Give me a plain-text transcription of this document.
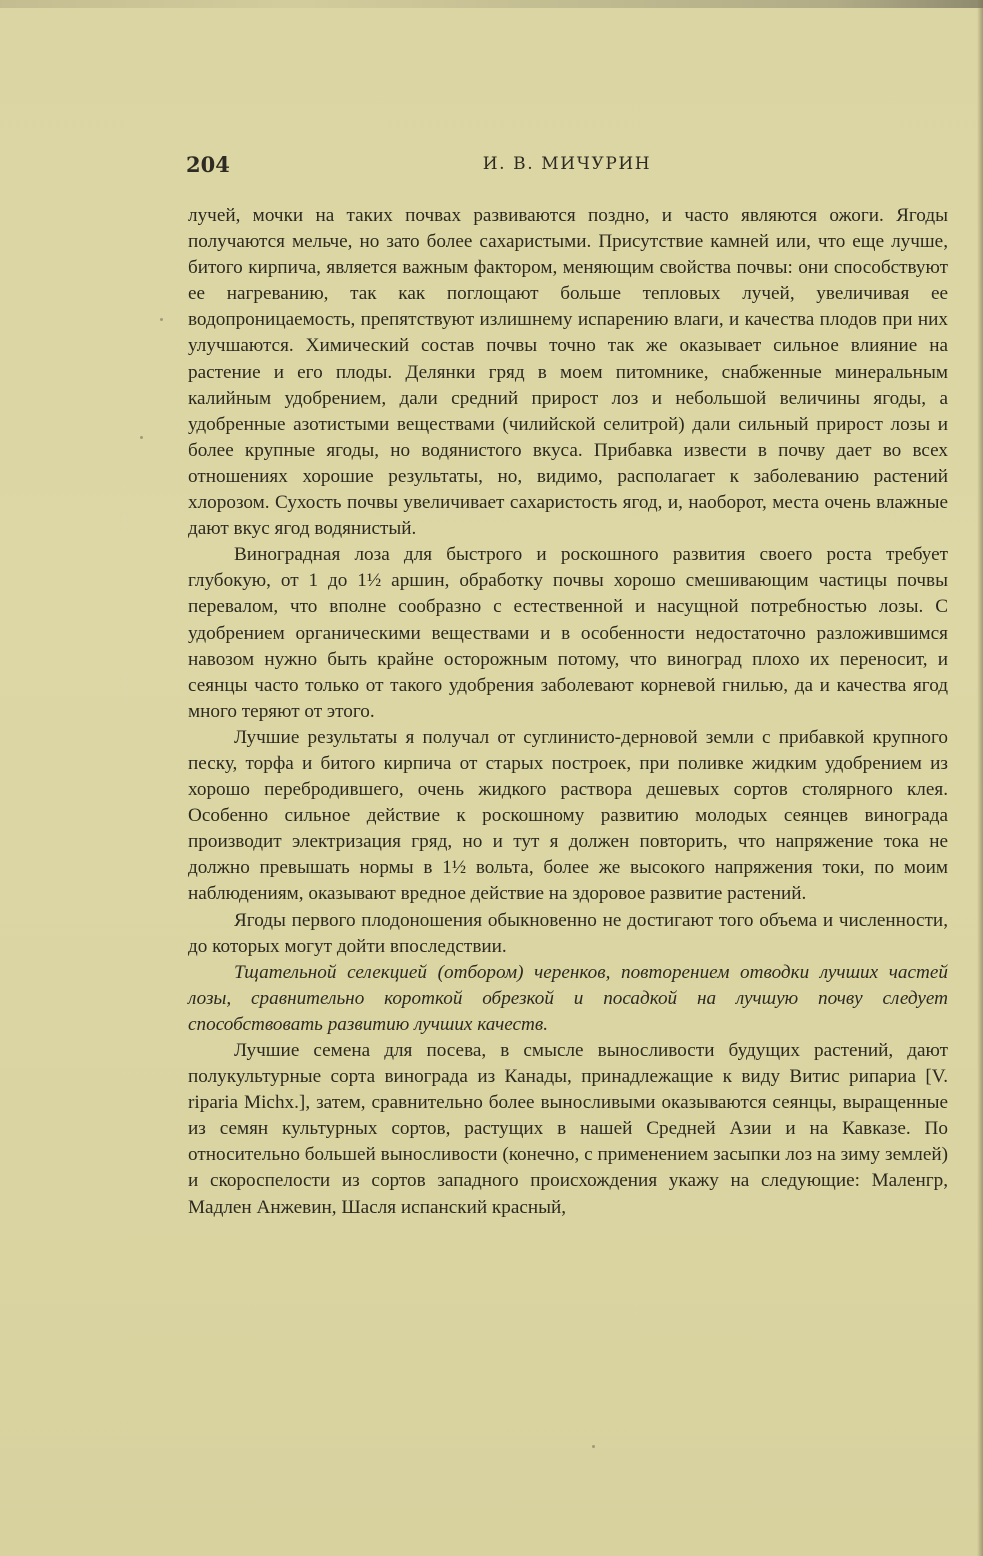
204	И. В. МИЧУРИН

лучей, мочки на таких почвах развиваются поздно, и часто являются ожоги. Ягоды получаются мельче, но зато более сахаристыми. Присутствие камней или, что еще лучше, битого кирпича, является важным фактором, меняющим свойства почвы: они способствуют ее нагреванию, так как поглощают больше тепловых лучей, увеличивая ее водопроницаемость, препятствуют излишнему испарению влаги, и качества плодов при них улучшаются. Химический состав почвы точно так же оказывает сильное влияние на растение и его плоды. Делянки гряд в моем питомнике, снабженные минеральным калийным удобрением, дали средний прирост лоз и небольшой величины ягоды, а удобренные азотистыми веществами (чилийской селитрой) дали сильный прирост лозы и более крупные ягоды, но водянистого вкуса. Прибавка извести в почву дает во всех отношениях хорошие результаты, но, видимо, располагает к заболеванию растений хлорозом. Сухость почвы увеличивает сахаристость ягод, и, наоборот, места очень влажные дают вкус ягод водянистый.

Виноградная лоза для быстрого и роскошного развития своего роста требует глубокую, от 1 до 1½ аршин, обработку почвы хорошо смешивающим частицы почвы перевалом, что вполне сообразно с естественной и насущной потребностью лозы. С удобрением органическими веществами и в особенности недостаточно разложившимся навозом нужно быть крайне осторожным потому, что виноград плохо их переносит, и сеянцы часто только от такого удобрения заболевают корневой гнилью, да и качества ягод много теряют от этого.

Лучшие результаты я получал от суглинисто-дерновой земли с прибавкой крупного песку, торфа и битого кирпича от старых построек, при поливке жидким удобрением из хорошо перебродившего, очень жидкого раствора дешевых сортов столярного клея. Особенно сильное действие к роскошному развитию молодых сеянцев винограда производит электризация гряд, но и тут я должен повторить, что напряжение тока не должно превышать нормы в 1½ вольта, более же высокого напряжения токи, по моим наблюдениям, оказывают вредное действие на здоровое развитие растений.

Ягоды первого плодоношения обыкновенно не достигают того объема и численности, до которых могут дойти впоследствии.

Тщательной селекцией (отбором) черенков, повторением отводки лучших частей лозы, сравнительно короткой обрезкой и посадкой на лучшую почву следует способствовать развитию лучших качеств.

Лучшие семена для посева, в смысле выносливости будущих растений, дают полукультурные сорта винограда из Канады, принадлежащие к виду Витис рипариа [V. riparia Michx.], затем, сравнительно более выносливыми оказываются сеянцы, выращенные из семян культурных сортов, растущих в нашей Средней Азии и на Кавказе. По относительно большей выносливости (конечно, с применением засыпки лоз на зиму землей) и скороспелости из сортов западного происхождения укажу на следующие: Маленгр, Мадлен Анжевин, Шасля испанский красный,
